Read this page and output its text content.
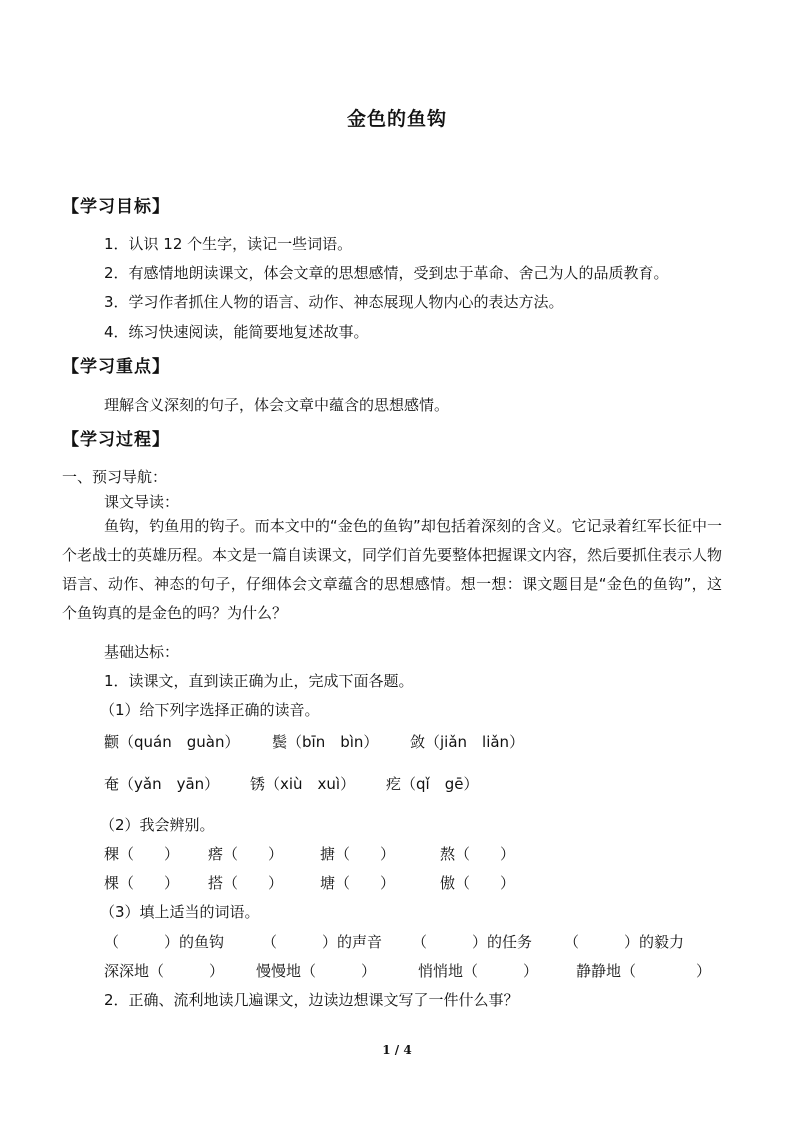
金色的鱼钩
【学习目标】
1．认识 12 个生字，读记一些词语。
2．有感情地朗读课文，体会文章的思想感情，受到忠于革命、舍己为人的品质教育。
3．学习作者抓住人物的语言、动作、神态展现人物内心的表达方法。
4．练习快速阅读，能简要地复述故事。
【学习重点】
理解含义深刻的句子，体会文章中蕴含的思想感情。
【学习过程】
一、预习导航：
课文导读：
鱼钩，钓鱼用的钩子。而本文中的“金色的鱼钩”却包括着深刻的含义。它记录着红军长征中一个老战士的英雄历程。本文是一篇自读课文，同学们首先要整体把握课文内容，然后要抓住表示人物语言、动作、神态的句子，仔细体会文章蕴含的思想感情。想一想：课文题目是“金色的鱼钩”，这个鱼钩真的是金色的吗？为什么？
基础达标：
1．读课文，直到读正确为止，完成下面各题。
（1）给下列字选择正确的读音。
颧（quán　guàn） 鬓（bīn　bìn） 敛（jiǎn　liǎn）
奄（yǎn　yān） 锈（xiù　xuì） 疙（qǐ　gē）
（2）我会辨别。
稞（　　） 瘩（　　） 搪（　　）	熬（　　）
棵（　　） 搭（　　） 塘（　　）	傲（　　）
（3）填上适当的词语。
（　　　）的鱼钩	（　　　）的声音 （　　　）的任务 （　　　）的毅力
深深地（　　　） 慢慢地（　　　）	悄悄地（　　　）	静静地（　　　　）
2．正确、流利地读几遍课文，边读边想课文写了一件什么事？
1 / 4
